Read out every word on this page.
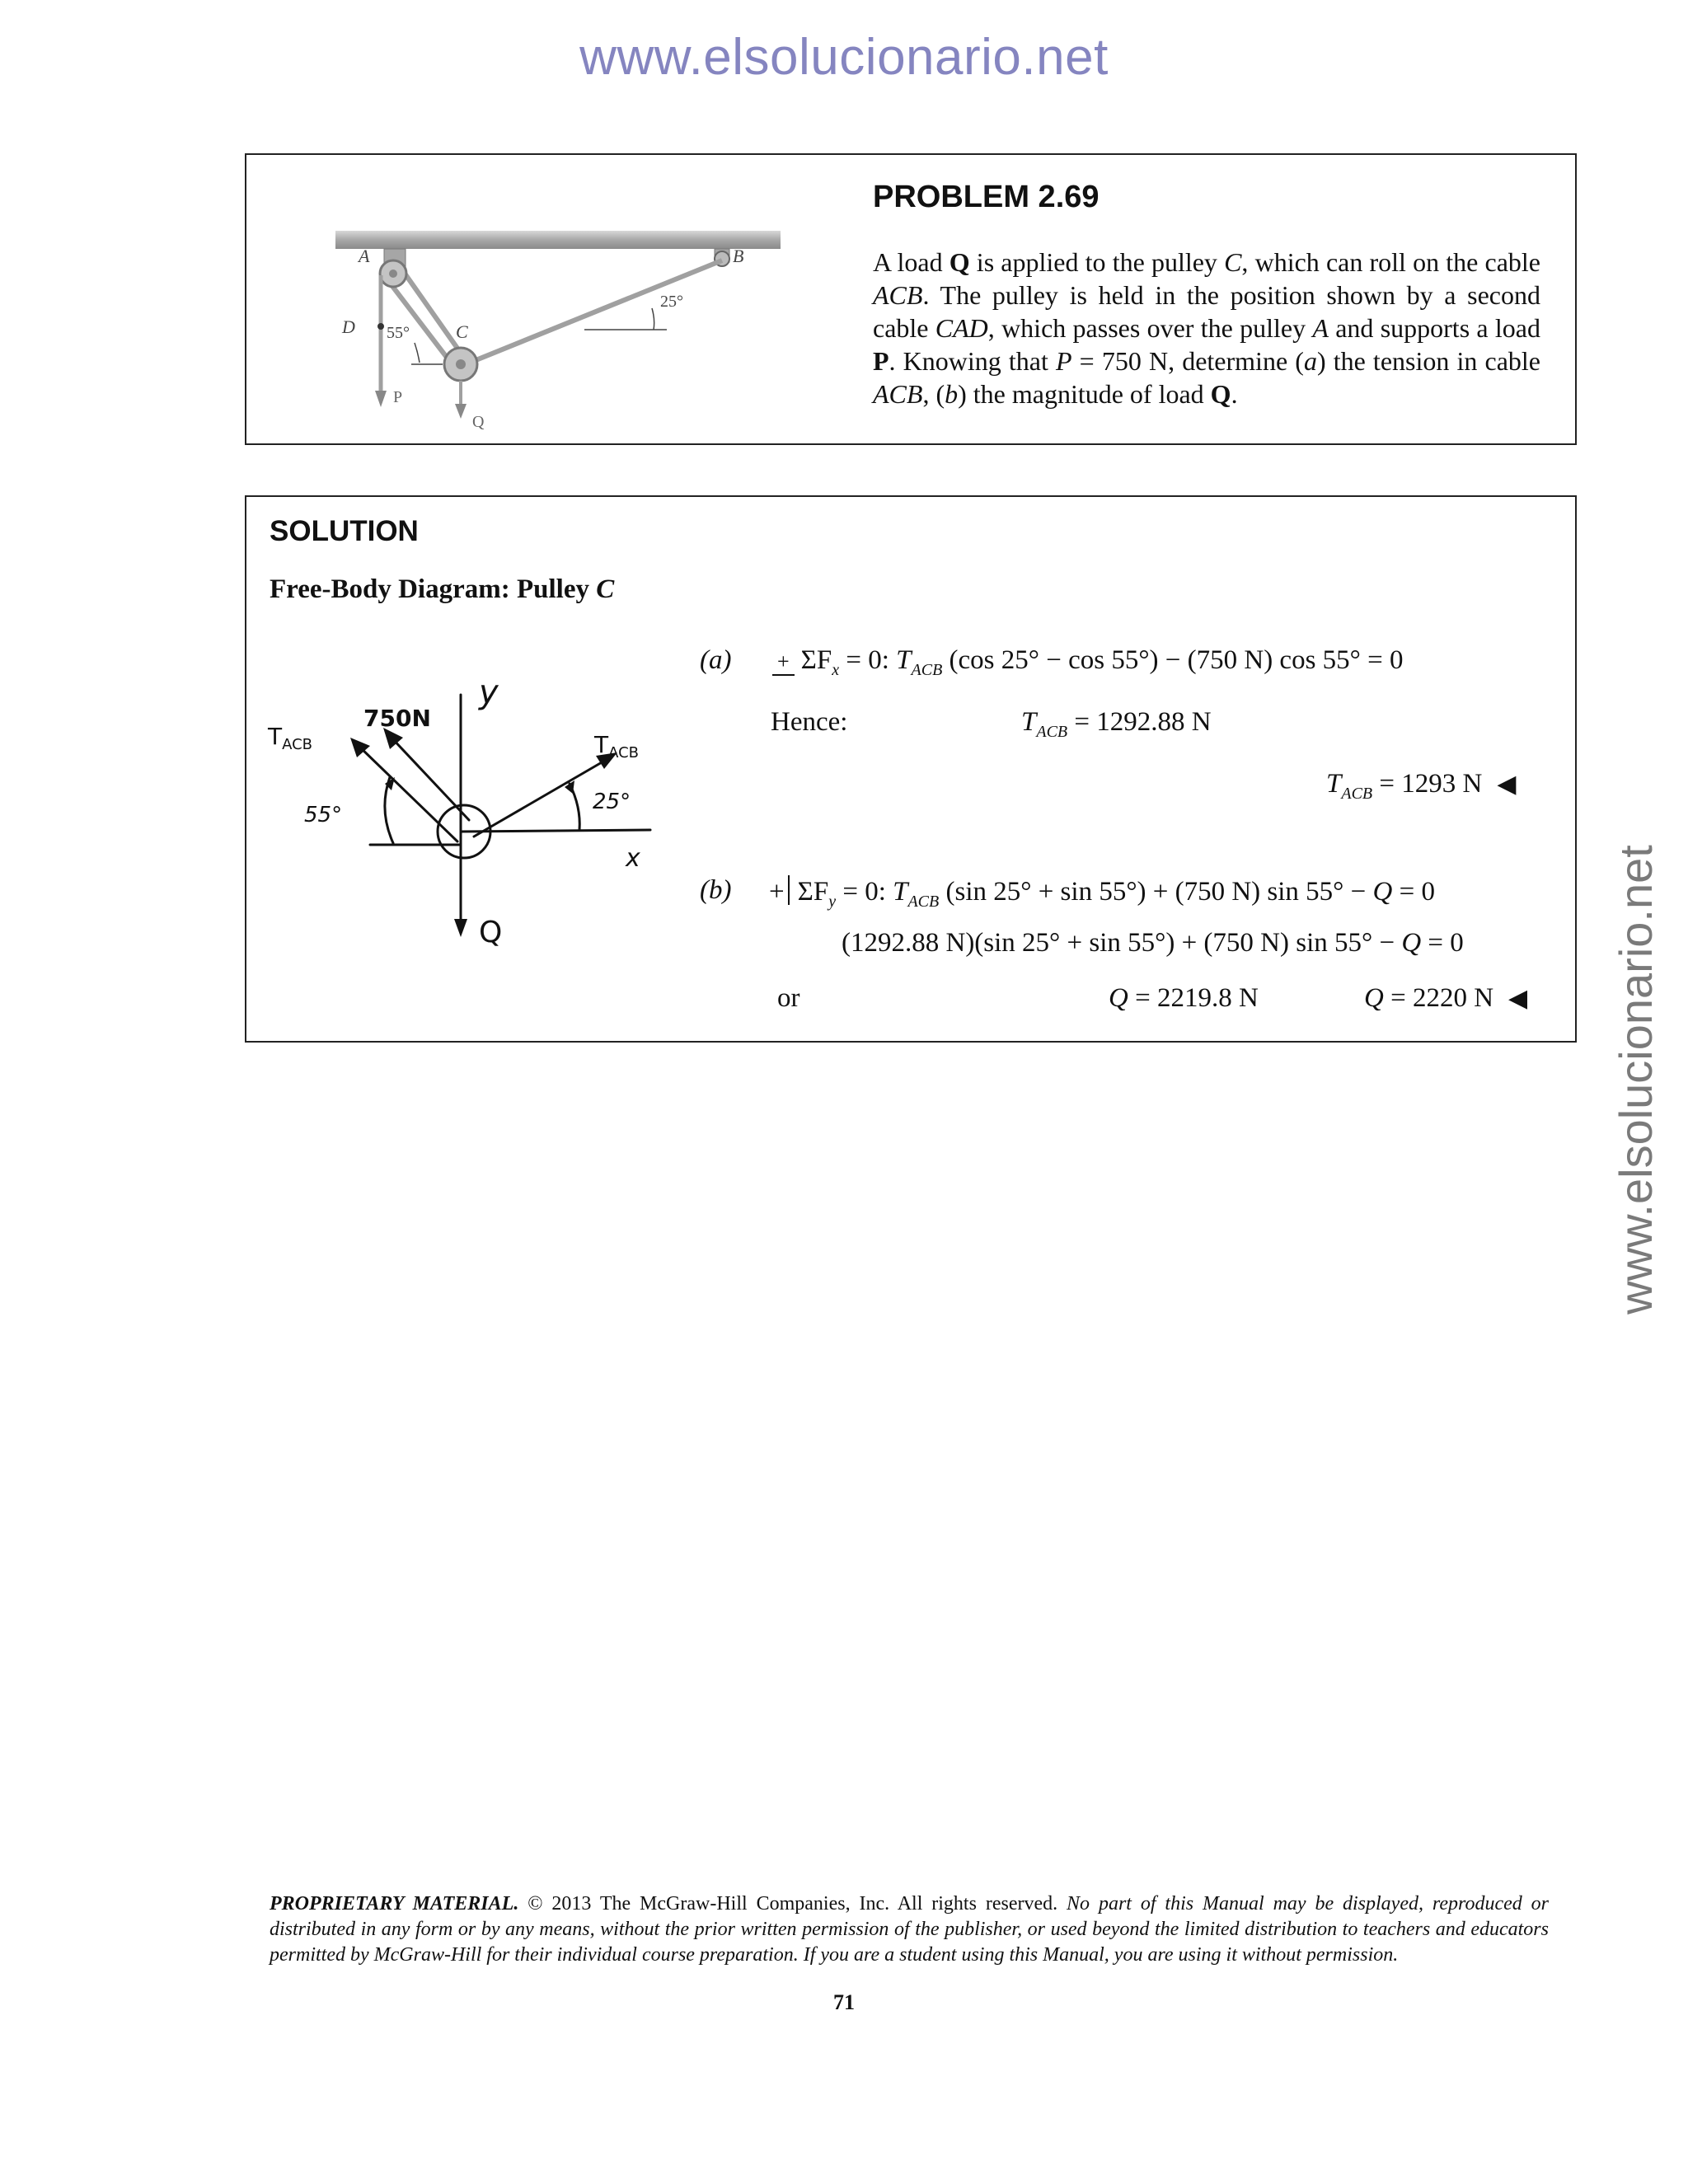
www.elsolucionario.net
www.elsolucionario.net
A	B
C
D
P
Q
55°
25°
PROBLEM 2.69
A load Q is applied to the pulley C, which can roll on the cable ACB. The pulley is held in the position shown by a second cable CAD, which passes over the pulley A and supports a load P. Knowing that P = 750 N, determine (a) the tension in cable ACB, (b) the magnitude of load Q.
SOLUTION
Free-Body Diagram: Pulley C
y
x
750N
$T_{ACB}$	$T_{ACB}$
55°
25°
Q
$(a) + \Sigma F_x = 0$: $T_{ACB}$ (cos 25° − cos 55°) − (750 N) cos 55° = 0
Hence:	$T_{ACB} = 1292.88$ N
$T_{ACB} = 1293$ N ◀
$(b) + \Sigma F_y = 0$: $T_{ACB}$ (sin 25° + sin 55°) + (750 N) sin 55° − Q = 0
(1292.88 N)(sin 25° + sin 55°) + (750 N) sin 55° − Q = 0
or	Q = 2219.8 N	Q = 2220 N ◀
PROPRIETARY MATERIAL. © 2013 The McGraw-Hill Companies, Inc. All rights reserved. No part of this Manual may be displayed, reproduced or distributed in any form or by any means, without the prior written permission of the publisher, or used beyond the limited distribution to teachers and educators permitted by McGraw-Hill for their individual course preparation. If you are a student using this Manual, you are using it without permission.
71
